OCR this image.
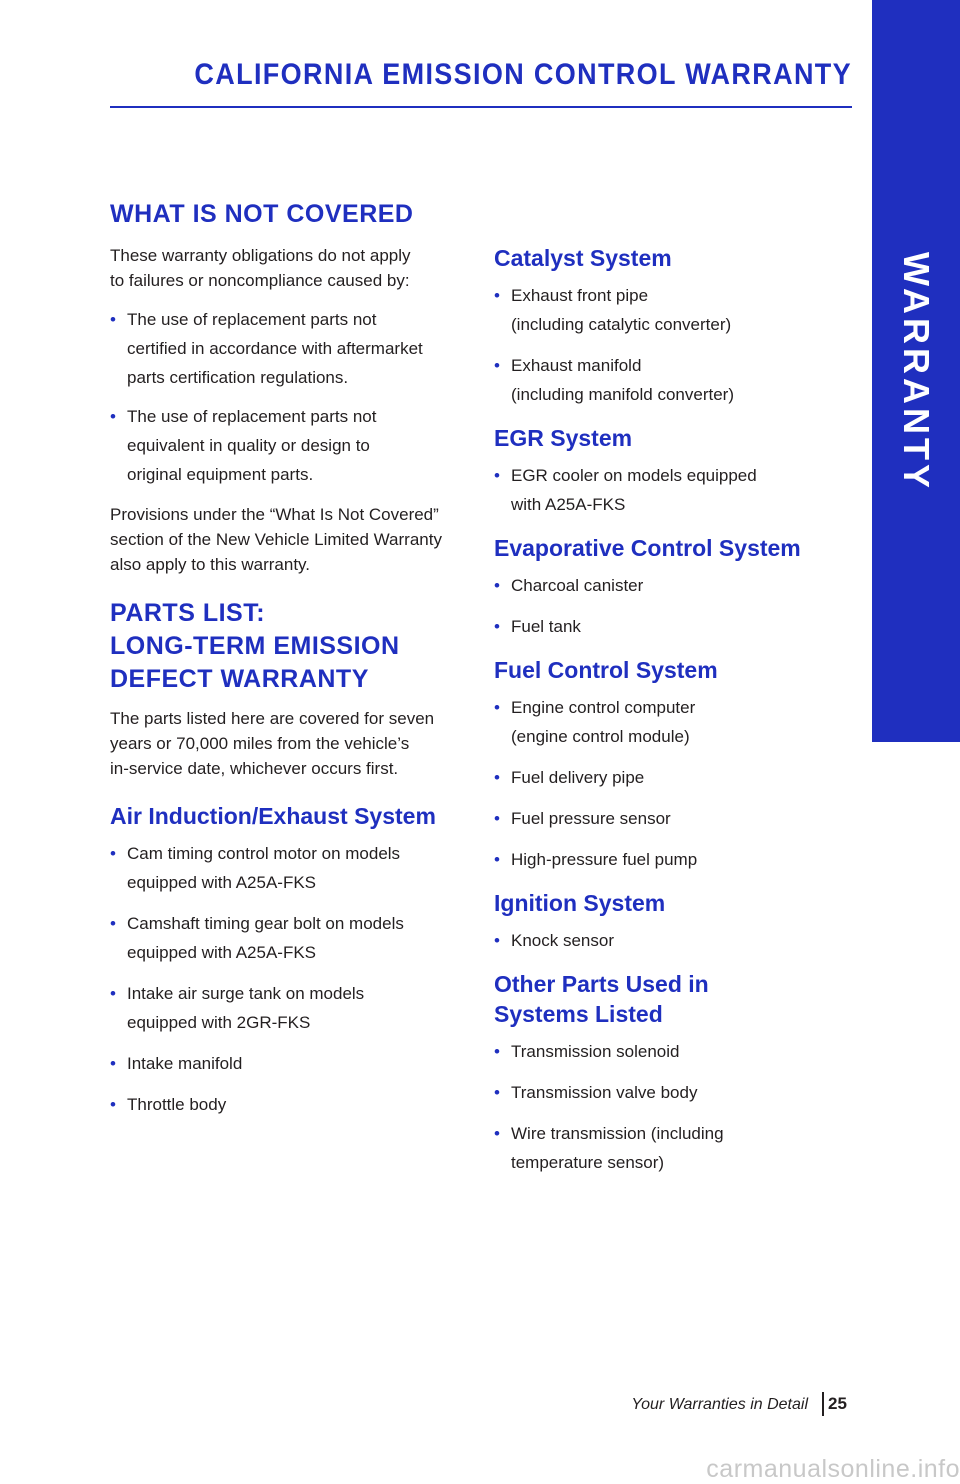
CALIFORNIA EMISSION CONTROL WARRANTY
WARRANTY
WHAT IS NOT COVERED

These warranty obligations do not apply
to failures or noncompliance caused by:

• The use of replacement parts not
certified in accordance with aftermarket
parts certification regulations.
• The use of replacement parts not
equivalent in quality or design to
original equipment parts.

Provisions under the “What Is Not Covered”
section of the New Vehicle Limited Warranty
also apply to this warranty.

PARTS LIST:
LONG-TERM EMISSION
DEFECT WARRANTY

The parts listed here are covered for seven
years or 70,000 miles from the vehicle’s
in-service date, whichever occurs first.

Air Induction/Exhaust System
• Cam timing control motor on models
equipped with A25A-FKS
• Camshaft timing gear bolt on models
equipped with A25A-FKS
• Intake air surge tank on models
equipped with 2GR-FKS
• Intake manifold
• Throttle body
Catalyst System
• Exhaust front pipe
(including catalytic converter)
• Exhaust manifold
(including manifold converter)
EGR System
• EGR cooler on models equipped
with A25A-FKS
Evaporative Control System
• Charcoal canister
• Fuel tank
Fuel Control System
• Engine control computer
(engine control module)
• Fuel delivery pipe
• Fuel pressure sensor
• High-pressure fuel pump
Ignition System
• Knock sensor
Other Parts Used in
Systems Listed
• Transmission solenoid
• Transmission valve body
• Wire transmission (including
temperature sensor)
Your Warranties in Detail 25
carmanualsonline.info
